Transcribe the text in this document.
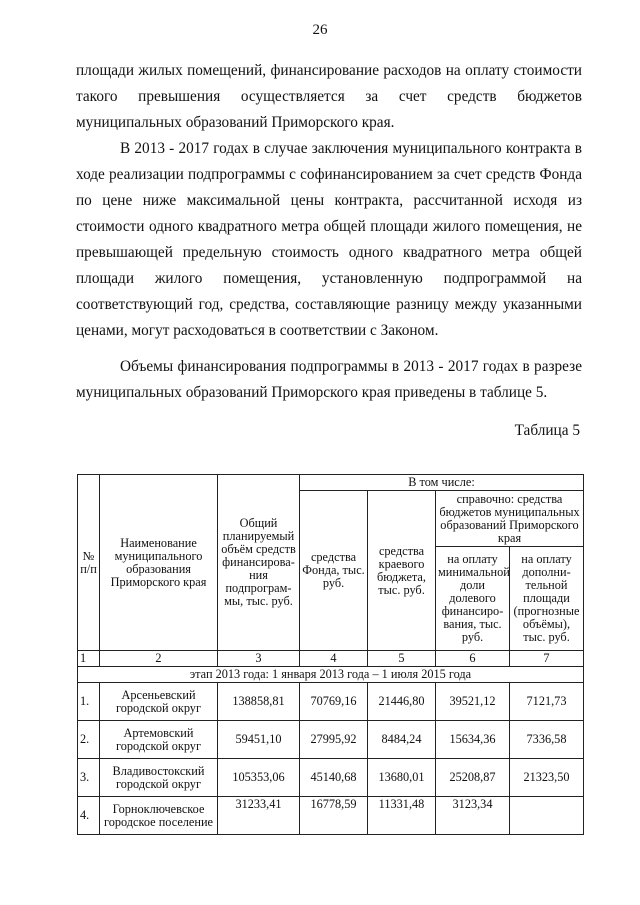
26

площади жилых помещений, финансирование расходов на оплату стоимости такого превышения осуществляется за счет средств бюджетов муниципальных образований Приморского края.

В 2013 - 2017 годах в случае заключения муниципального контракта в ходе реализации подпрограммы с софинансированием за счет средств Фонда по цене ниже максимальной цены контракта, рассчитанной исходя из стоимости одного квадратного метра общей площади жилого помещения, не превышающей предельную стоимость одного квадратного метра общей площади жилого помещения, установленную подпрограммой на соответствующий год, средства, составляющие разницу между указанными ценами, могут расходоваться в соответствии с Законом.

Объемы финансирования подпрограммы в 2013 - 2017 годах в разрезе муниципальных образований Приморского края приведены в таблице 5.

Таблица 5
№ п/п	Наименование муниципального образования Приморского края	Общий планируемый объём средств финансирова- ния подпрограм- мы, тыс. руб.	В том числе:			
			средства Фонда, тыс. руб.	средства краевого бюджета, тыс. руб.	справочно: средства бюджетов муниципальных образований Приморского края	
					на оплату минимальной доли долевого финансиро- вания, тыс. руб.	на оплату дополни- тельной площади (прогнозные объёмы), тыс. руб.
1	2	3	4	5	6	7
этап 2013 года: 1 января 2013 года – 1 июля 2015 года						
1.	Арсеньевский городской округ	138858,81	70769,16	21446,80	39521,12	7121,73
2.	Артемовский городской округ	59451,10	27995,92	8484,24	15634,36	7336,58
3.	Владивостокский городской округ	105353,06	45140,68	13680,01	25208,87	21323,50
4.	Горноключевское городское поселение	31233,41	16778,59	11331,48	3123,34	
